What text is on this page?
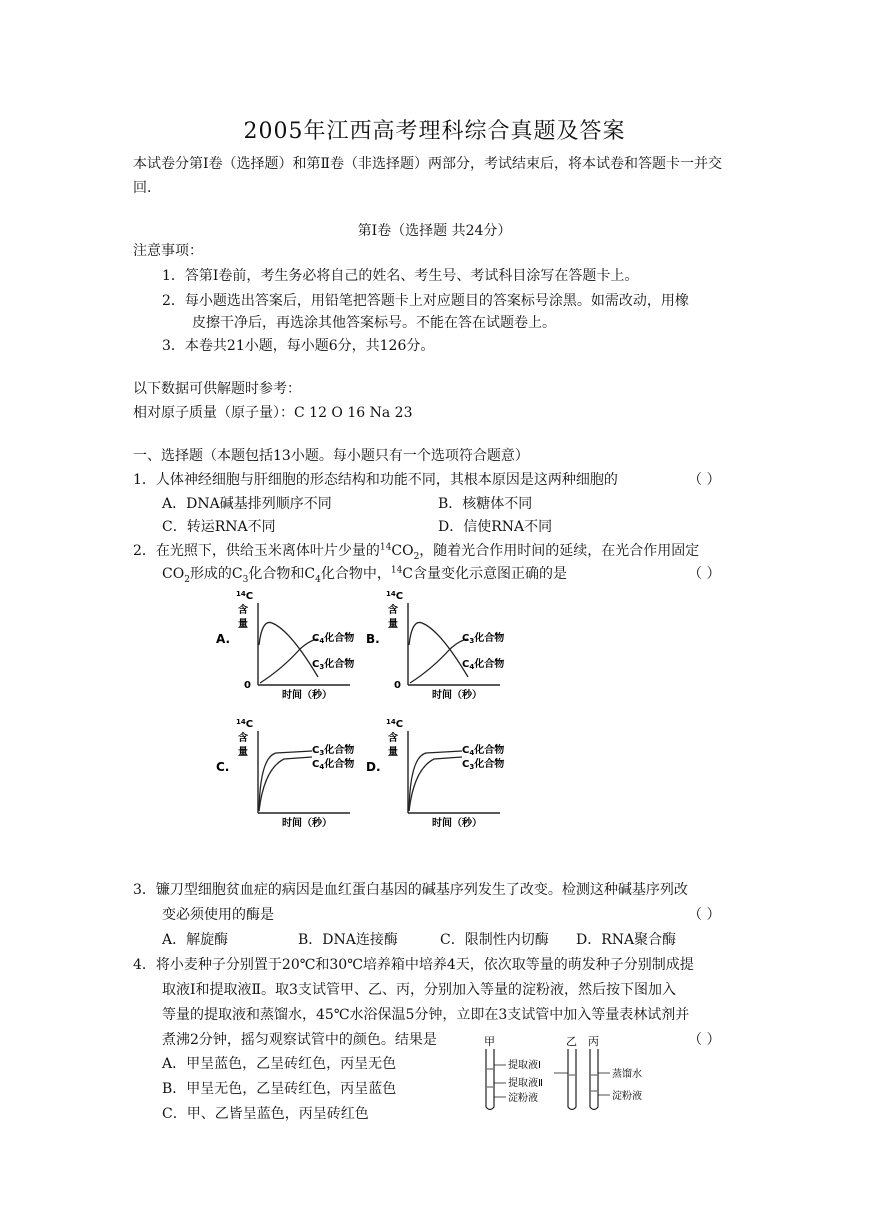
2005年江西高考理科综合真题及答案
本试卷分第Ⅰ卷（选择题）和第Ⅱ卷（非选择题）两部分，考试结束后，将本试卷和答题卡一并交回.
第Ⅰ卷（选择题 共24分）
注意事项：
1．答第Ⅰ卷前，考生务必将自己的姓名、考生号、考试科目涂写在答题卡上。
2．每小题选出答案后，用铅笔把答题卡上对应题目的答案标号涂黑。如需改动，用橡
皮擦干净后，再选涂其他答案标号。不能在答在试题卷上。
3．本卷共21小题，每小题6分，共126分。
以下数据可供解题时参考：
相对原子质量（原子量）：C 12 O 16 Na 23
一、选择题（本题包括13小题。每小题只有一个选项符合题意）
1．人体神经细胞与肝细胞的形态结构和功能不同，其根本原因是这两种细胞的	（ ）
A．DNA碱基排列顺序不同	B．核糖体不同
C．转运RNA不同	D．信使RNA不同
2．在光照下，供给玉米离体叶片少量的$^{14}CO_2$，随着光合作用时间的延续，在光合作用固定
$CO_2$形成的$C_3$化合物和$C_4$化合物中，$^{14}$C含量变化示意图正确的是	（ ）
A.
$^{14}$C
含
量
0
时间（秒）
$C_4$化合物
$C_3$化合物
B.
$^{14}$C
含
量
0
时间（秒）
$C_3$化合物
$C_4$化合物
C.
$^{14}$C
含
量
时间（秒）
$C_3$化合物
$C_4$化合物 D.
$^{14}$C
含
量
时间（秒）
$C_4$化合物
$C_3$化合物
3．镰刀型细胞贫血症的病因是血红蛋白基因的碱基序列发生了改变。检测这种碱基序列改
变必须使用的酶是	（ ）
A．解旋酶	B．DNA连接酶	C．限制性内切酶 D．RNA聚合酶
4．将小麦种子分别置于20℃和30℃培养箱中培养4天，依次取等量的萌发种子分别制成提
取液Ⅰ和提取液Ⅱ。取3支试管甲、乙、丙，分别加入等量的淀粉液，然后按下图加入
等量的提取液和蒸馏水，45℃水浴保温5分钟，立即在3支试管中加入等量表林试剂并
煮沸2分钟，摇匀观察试管中的颜色。结果是	（ ）
A．甲呈蓝色，乙呈砖红色，丙呈无色
B．甲呈无色，乙呈砖红色，丙呈蓝色
C．甲、乙皆呈蓝色，丙呈砖红色
甲	乙 丙
提取液Ⅰ
提取液Ⅱ
淀粉液
蒸馏水
淀粉液
